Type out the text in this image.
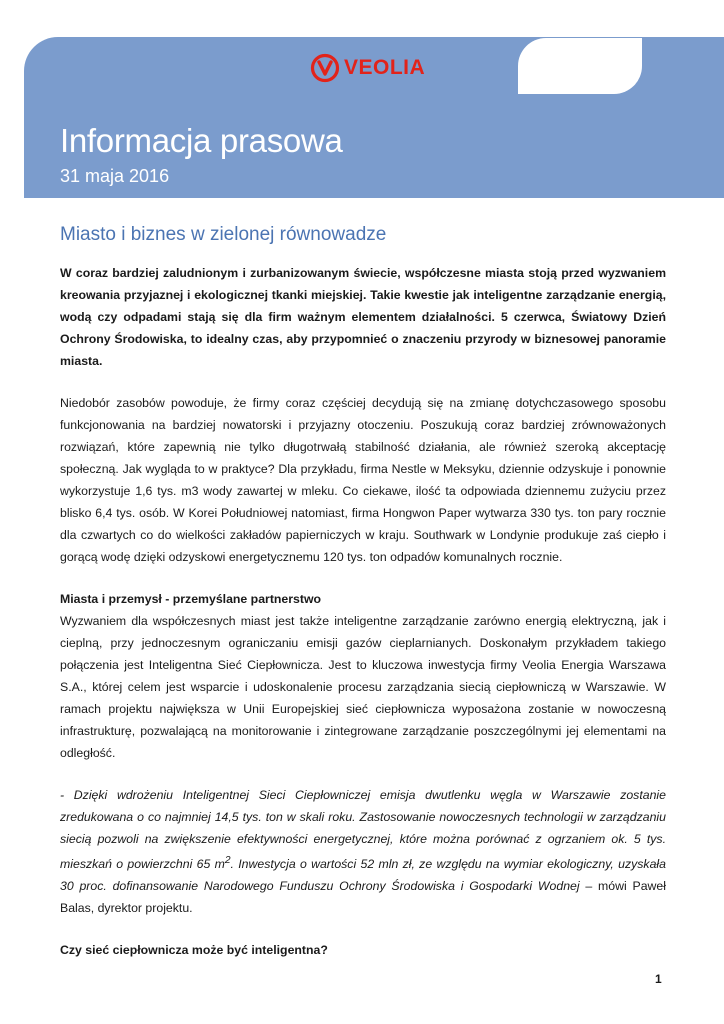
VEOLIA
Informacja prasowa
31 maja 2016
Miasto i biznes w zielonej równowadze

W coraz bardziej zaludnionym i zurbanizowanym świecie, współczesne miasta stoją przed wyzwaniem kreowania przyjaznej i ekologicznej tkanki miejskiej. Takie kwestie jak inteligentne zarządzanie energią, wodą czy odpadami stają się dla firm ważnym elementem działalności. 5 czerwca, Światowy Dzień Ochrony Środowiska, to idealny czas, aby przypomnieć o znaczeniu przyrody w biznesowej panoramie miasta.

Niedobór zasobów powoduje, że firmy coraz częściej decydują się na zmianę dotychczasowego sposobu funkcjonowania na bardziej nowatorski i przyjazny otoczeniu. Poszukują coraz bardziej zrównoważonych rozwiązań, które zapewnią nie tylko długotrwałą stabilność działania, ale również szeroką akceptację społeczną. Jak wygląda to w praktyce? Dla przykładu, firma Nestle w Meksyku, dziennie odzyskuje i ponownie wykorzystuje 1,6 tys. m3 wody zawartej w mleku. Co ciekawe, ilość ta odpowiada dziennemu zużyciu przez blisko 6,4 tys. osób. W Korei Południowej natomiast, firma Hongwon Paper wytwarza 330 tys. ton pary rocznie dla czwartych co do wielkości zakładów papierniczych w kraju. Southwark w Londynie produkuje zaś ciepło i gorącą wodę dzięki odzyskowi energetycznemu 120 tys. ton odpadów komunalnych rocznie.

Miasta i przemysł - przemyślane partnerstwo

Wyzwaniem dla współczesnych miast jest także inteligentne zarządzanie zarówno energią elektryczną, jak i cieplną, przy jednoczesnym ograniczaniu emisji gazów cieplarnianych. Doskonałym przykładem takiego połączenia jest Inteligentna Sieć Ciepłownicza. Jest to kluczowa inwestycja firmy Veolia Energia Warszawa S.A., której celem jest wsparcie i udoskonalenie procesu zarządzania siecią ciepłowniczą w Warszawie. W ramach projektu największa w Unii Europejskiej sieć ciepłownicza wyposażona zostanie w nowoczesną infrastrukturę, pozwalającą na monitorowanie i zintegrowane zarządzanie poszczególnymi jej elementami na odległość.

- Dzięki wdrożeniu Inteligentnej Sieci Ciepłowniczej emisja dwutlenku węgla w Warszawie zostanie zredukowana o co najmniej 14,5 tys. ton w skali roku. Zastosowanie nowoczesnych technologii w zarządzaniu siecią pozwoli na zwiększenie efektywności energetycznej, które można porównać z ogrzaniem ok. 5 tys. mieszkań o powierzchni 65 $m^2$. Inwestycja o wartości 52 mln zł, ze względu na wymiar ekologiczny, uzyskała 30 proc. dofinansowanie Narodowego Funduszu Ochrony Środowiska i Gospodarki Wodnej – mówi Paweł Balas, dyrektor projektu.

Czy sieć ciepłownicza może być inteligentna?

1
